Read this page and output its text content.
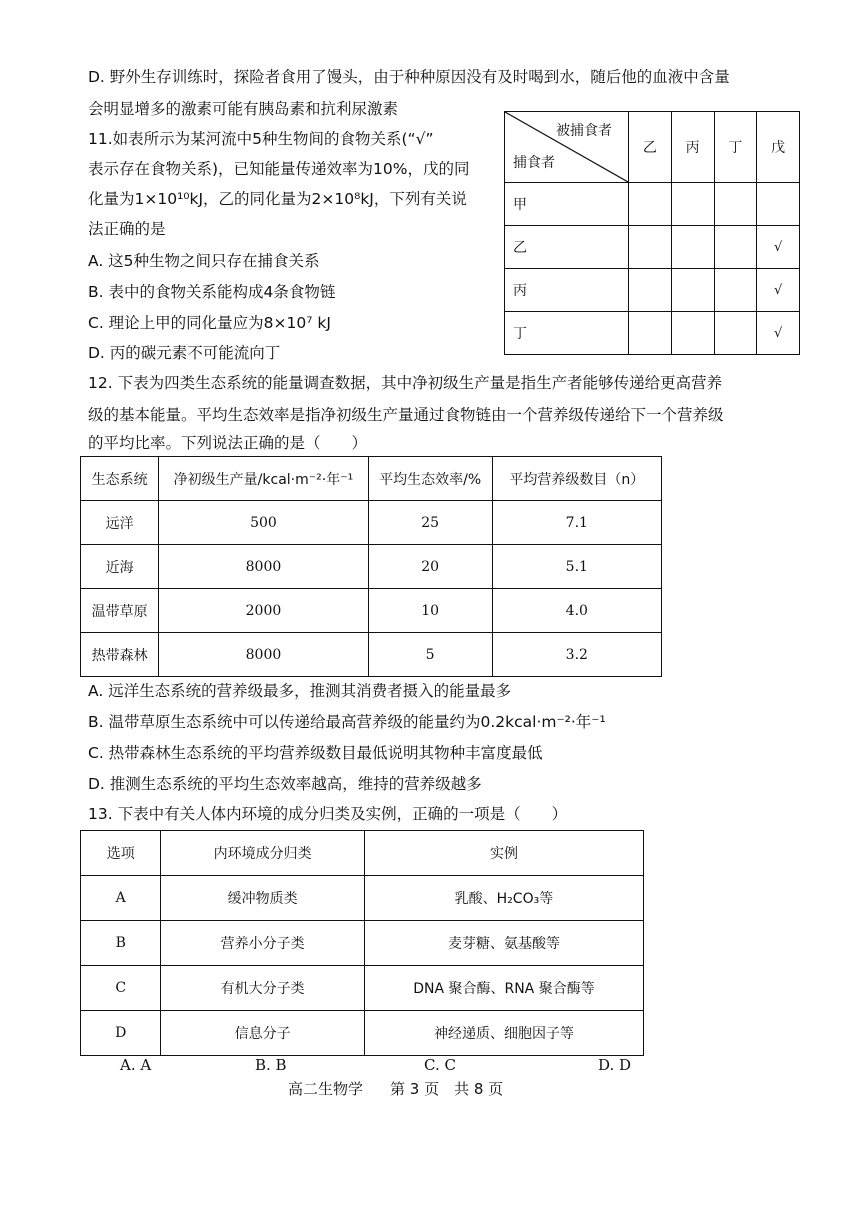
D. 野外生存训练时，探险者食用了馒头，由于种种原因没有及时喝到水，随后他的血液中含量
会明显增多的激素可能有胰岛素和抗利尿激素
11.如表所示为某河流中5种生物间的食物关系(“√”
表示存在食物关系)，已知能量传递效率为10%，戊的同
化量为1×10¹⁰kJ，乙的同化量为2×10⁸kJ，下列有关说
法正确的是
A. 这5种生物之间只存在捕食关系
B. 表中的食物关系能构成4条食物链
C. 理论上甲的同化量应为8×10⁷ kJ
D. 丙的碳元素不可能流向丁
被捕食者
捕食者	乙	丙	丁	戊
甲				
乙				√
丙				√
丁				√
12. 下表为四类生态系统的能量调查数据，其中净初级生产量是指生产者能够传递给更高营养
级的基本能量。平均生态效率是指净初级生产量通过食物链由一个营养级传递给下一个营养级
的平均比率。下列说法正确的是（　　）
生态系统	净初级生产量/kcal·m⁻²·年⁻¹	平均生态效率/%	平均营养级数目（n）
远洋	500	25	7.1
近海	8000	20	5.1
温带草原	2000	10	4.0
热带森林	8000	5	3.2
A. 远洋生态系统的营养级最多，推测其消费者摄入的能量最多
B. 温带草原生态系统中可以传递给最高营养级的能量约为0.2kcal·m⁻²·年⁻¹
C. 热带森林生态系统的平均营养级数目最低说明其物种丰富度最低
D. 推测生态系统的平均生态效率越高，维持的营养级越多
13. 下表中有关人体内环境的成分归类及实例，正确的一项是（　　）
选项	内环境成分归类	实例
A	缓冲物质类	乳酸、H₂CO₃等
B	营养小分子类	麦芽糖、氨基酸等
C	有机大分子类	DNA 聚合酶、RNA 聚合酶等
D	信息分子	神经递质、细胞因子等
A. A	B. B	C. C	D. D
高二生物学 第 3 页　共 8 页
